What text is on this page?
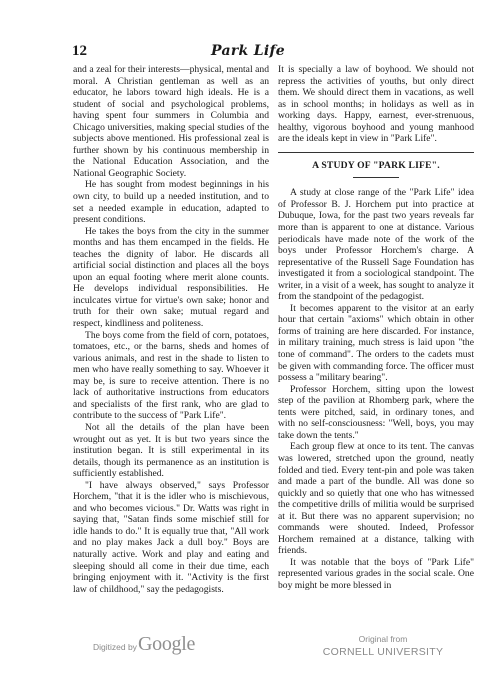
12	Park Life

and a zeal for their interests—physical, mental and moral. A Christian gentleman as well as an educator, he labors toward high ideals. He is a student of social and psychological problems, having spent four summers in Columbia and Chicago universities, making special studies of the subjects above mentioned. His professional zeal is further shown by his continuous membership in the National Education Association, and the National Geographic Society.

He has sought from modest beginnings in his own city, to build up a needed institution, and to set a needed example in education, adapted to present conditions.

He takes the boys from the city in the summer months and has them encamped in the fields. He teaches the dignity of labor. He discards all artificial social distinction and places all the boys upon an equal footing where merit alone counts. He develops individual responsibilities. He inculcates virtue for virtue's own sake; honor and truth for their own sake; mutual regard and respect, kindliness and politeness.

The boys come from the field of corn, potatoes, tomatoes, etc., or the barns, sheds and homes of various animals, and rest in the shade to listen to men who have really something to say. Whoever it may be, is sure to receive attention. There is no lack of authoritative instructions from educators and specialists of the first rank, who are glad to contribute to the success of "Park Life".

Not all the details of the plan have been wrought out as yet. It is but two years since the institution began. It is still experimental in its details, though its permanence as an institution is sufficiently established.

"I have always observed," says Professor Horchem, "that it is the idler who is mischievous, and who becomes vicious." Dr. Watts was right in saying that, "Satan finds some mischief still for idle hands to do." It is equally true that, "All work and no play makes Jack a dull boy." Boys are naturally active. Work and play and eating and sleeping should all come in their due time, each bringing enjoyment with it. "Activity is the first law of childhood," say the pedagogists.

It is specially a law of boyhood. We should not repress the activities of youths, but only direct them. We should direct them in vacations, as well as in school months; in holidays as well as in working days. Happy, earnest, ever-strenuous, healthy, vigorous boyhood and young manhood are the ideals kept in view in "Park Life".

A STUDY OF "PARK LIFE".

A study at close range of the "Park Life" idea of Professor B. J. Horchem put into practice at Dubuque, Iowa, for the past two years reveals far more than is apparent to one at distance. Various periodicals have made note of the work of the boys under Professor Horchem's charge. A representative of the Russell Sage Foundation has investigated it from a sociological standpoint. The writer, in a visit of a week, has sought to analyze it from the standpoint of the pedagogist.

It becomes apparent to the visitor at an early hour that certain "axioms" which obtain in other forms of training are here discarded. For instance, in military training, much stress is laid upon "the tone of command". The orders to the cadets must be given with commanding force. The officer must possess a "military bearing".

Professor Horchem, sitting upon the lowest step of the pavilion at Rhomberg park, where the tents were pitched, said, in ordinary tones, and with no self-consciousness: "Well, boys, you may take down the tents."

Each group flew at once to its tent. The canvas was lowered, stretched upon the ground, neatly folded and tied. Every tent-pin and pole was taken and made a part of the bundle. All was done so quickly and so quietly that one who has witnessed the competitive drills of militia would be surprised at it. But there was no apparent supervision; no commands were shouted. Indeed, Professor Horchem remained at a distance, talking with friends.

It was notable that the boys of "Park Life" represented various grades in the social scale. One boy might be more blessed in

Digitized by Google	Original from
CORNELL UNIVERSITY
